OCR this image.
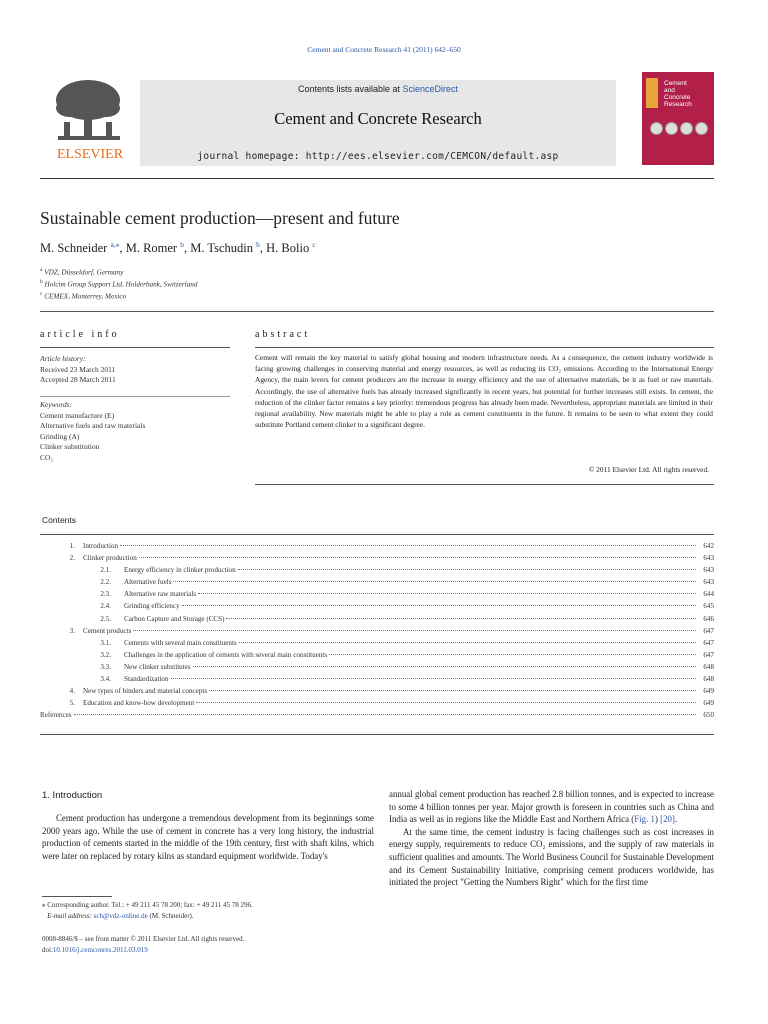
Cement and Concrete Research 41 (2011) 642–650
ELSEVIER
Contents lists available at ScienceDirect
Cement and Concrete Research
journal homepage: http://ees.elsevier.com/CEMCON/default.asp
Cement
and
Concrete
Research
Sustainable cement production—present and future
M. Schneider $^{a,⁎}$, M. Romer $^b$, M. Tschudin $^b$, H. Bolio $^c$
$^a$ VDZ, Düsseldorf, Germany
$^b$ Holcim Group Support Ltd, Holderbank, Switzerland
$^c$ CEMEX, Monterrey, Mexico
article info
Article history:
Received 23 March 2011
Accepted 28 March 2011
Keywords:
Cement manufacture (E)
Alternative fuels and raw materials
Grinding (A)
Clinker substitution
CO₂
abstract
Cement will remain the key material to satisfy global housing and modern infrastructure needs. As a consequence, the cement industry worldwide is facing growing challenges in conserving material and energy resources, as well as reducing its CO₂ emissions. According to the International Energy Agency, the main levers for cement producers are the increase in energy efficiency and the use of alternative materials, be it as fuel or raw materials. Accordingly, the use of alternative fuels has already increased significantly in recent years, but potential for further increases still exists. In cement, the reduction of the clinker factor remains a key priority: tremendous progress has already been made. Nevertheless, appropriate materials are limited in their regional availability. New materials might be able to play a role as cement constituents in the future. It remains to be seen to what extent they could substitute Portland cement clinker to a significant degree.
© 2011 Elsevier Ltd. All rights reserved.
Contents
1.	Introduction	642
2.	Clinker production	643
2.1.	Energy efficiency in clinker production	643
2.2.	Alternative fuels	643
2.3.	Alternative raw materials	644
2.4.	Grinding efficiency	645
2.5.	Carbon Capture and Storage (CCS)	646
3.	Cement products	647
3.1.	Cements with several main constituents	647
3.2.	Challenges in the application of cements with several main constituents	647
3.3.	New clinker substitutes	648
3.4.	Standardization	648
4.	New types of binders and material concepts	649
5.	Education and know-how development	649
References	650
1. Introduction
Cement production has undergone a tremendous development from its beginnings some 2000 years ago. While the use of cement in concrete has a very long history, the industrial production of cements started in the middle of the 19th century, first with shaft kilns, which were later on replaced by rotary kilns as standard equipment worldwide. Today's

annual global cement production has reached 2.8 billion tonnes, and is expected to increase to some 4 billion tonnes per year. Major growth is foreseen in countries such as China and India as well as in regions like the Middle East and Northern Africa (Fig. 1) [20].

At the same time, the cement industry is facing challenges such as cost increases in energy supply, requirements to reduce CO₂ emissions, and the supply of raw materials in sufficient qualities and amounts. The World Business Council for Sustainable Development and its Cement Sustainability Initiative, comprising cement producers worldwide, has initiated the project "Getting the Numbers Right" which for the first time

⁎ Corresponding author. Tel.: + 49 211 45 78 200; fax: + 49 211 45 78 296.
E-mail address: sch@vdz-online.de (M. Schneider).
0008-8846/$ – see front matter © 2011 Elsevier Ltd. All rights reserved.
doi:10.1016/j.cemconres.2011.03.019
